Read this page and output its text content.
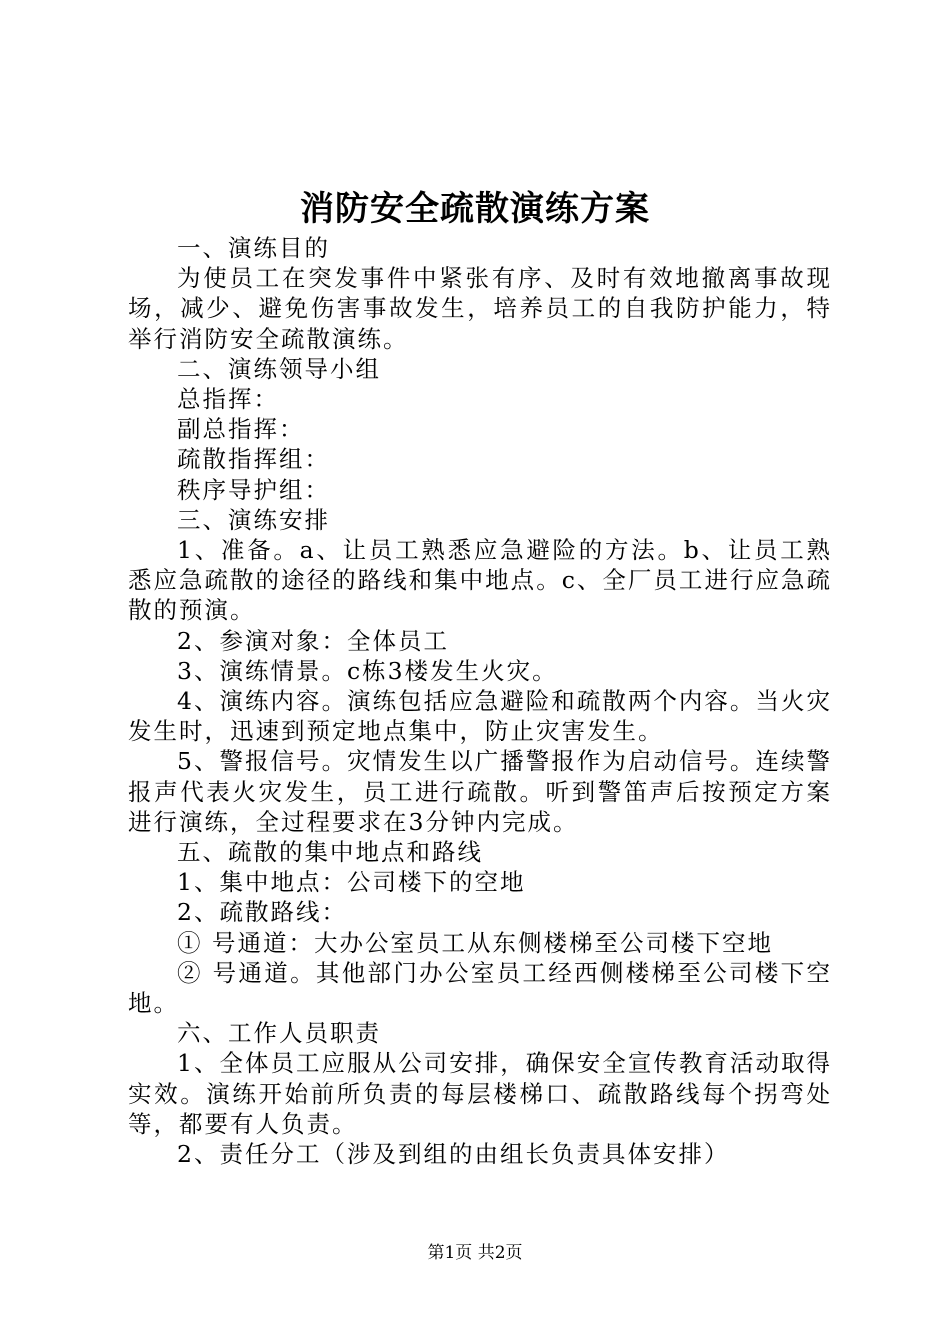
消防安全疏散演练方案

一、演练目的

为使员工在突发事件中紧张有序、及时有效地撤离事故现场，减少、避免伤害事故发生，培养员工的自我防护能力，特举行消防安全疏散演练。

二、演练领导小组

总指挥：

副总指挥：

疏散指挥组：

秩序导护组：

三、演练安排

1、准备。a、让员工熟悉应急避险的方法。b、让员工熟悉应急疏散的途径的路线和集中地点。c、全厂员工进行应急疏散的预演。

2、参演对象：全体员工

3、演练情景。c栋3楼发生火灾。

4、演练内容。演练包括应急避险和疏散两个内容。当火灾发生时，迅速到预定地点集中，防止灾害发生。

5、警报信号。灾情发生以广播警报作为启动信号。连续警报声代表火灾发生，员工进行疏散。听到警笛声后按预定方案进行演练，全过程要求在3分钟内完成。

五、疏散的集中地点和路线

1、集中地点：公司楼下的空地

2、疏散路线：

① 号通道：大办公室员工从东侧楼梯至公司楼下空地

② 号通道。其他部门办公室员工经西侧楼梯至公司楼下空地。

六、工作人员职责

1、全体员工应服从公司安排，确保安全宣传教育活动取得实效。演练开始前所负责的每层楼梯口、疏散路线每个拐弯处等，都要有人负责。

2、责任分工（涉及到组的由组长负责具体安排）

第1页 共2页
